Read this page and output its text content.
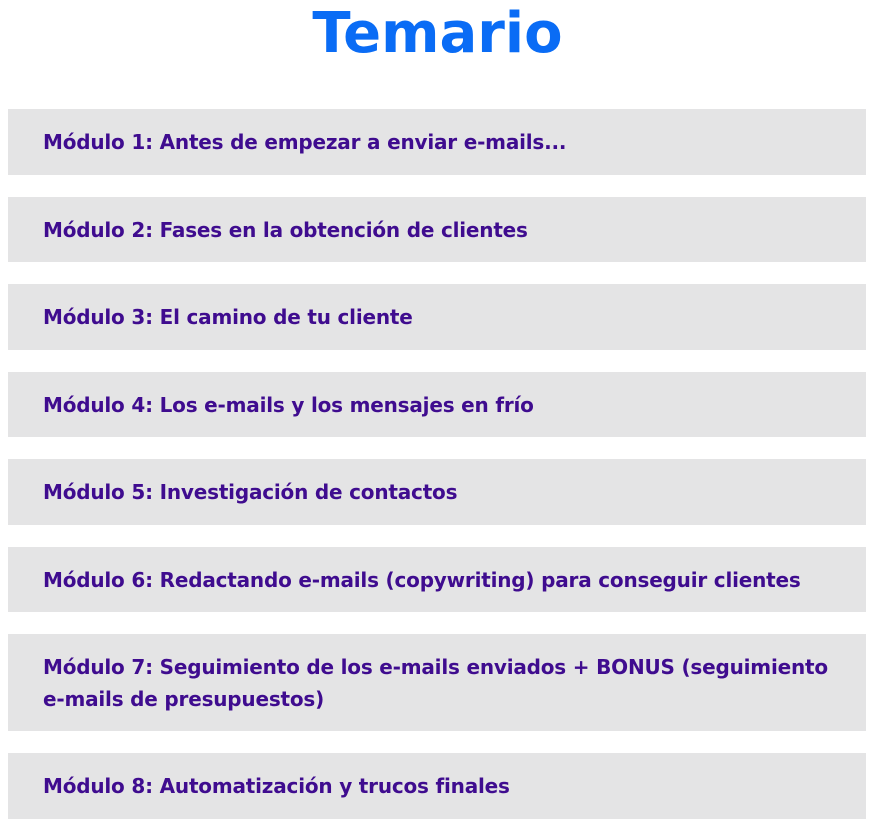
Temario
Módulo 1: Antes de empezar a enviar e-mails...
Módulo 2: Fases en la obtención de clientes
Módulo 3: El camino de tu cliente
Módulo 4: Los e-mails y los mensajes en frío
Módulo 5: Investigación de contactos
Módulo 6: Redactando e-mails (copywriting) para conseguir clientes
Módulo 7: Seguimiento de los e-mails enviados + BONUS (seguimiento e-mails de presupuestos)
Módulo 8: Automatización y trucos finales
